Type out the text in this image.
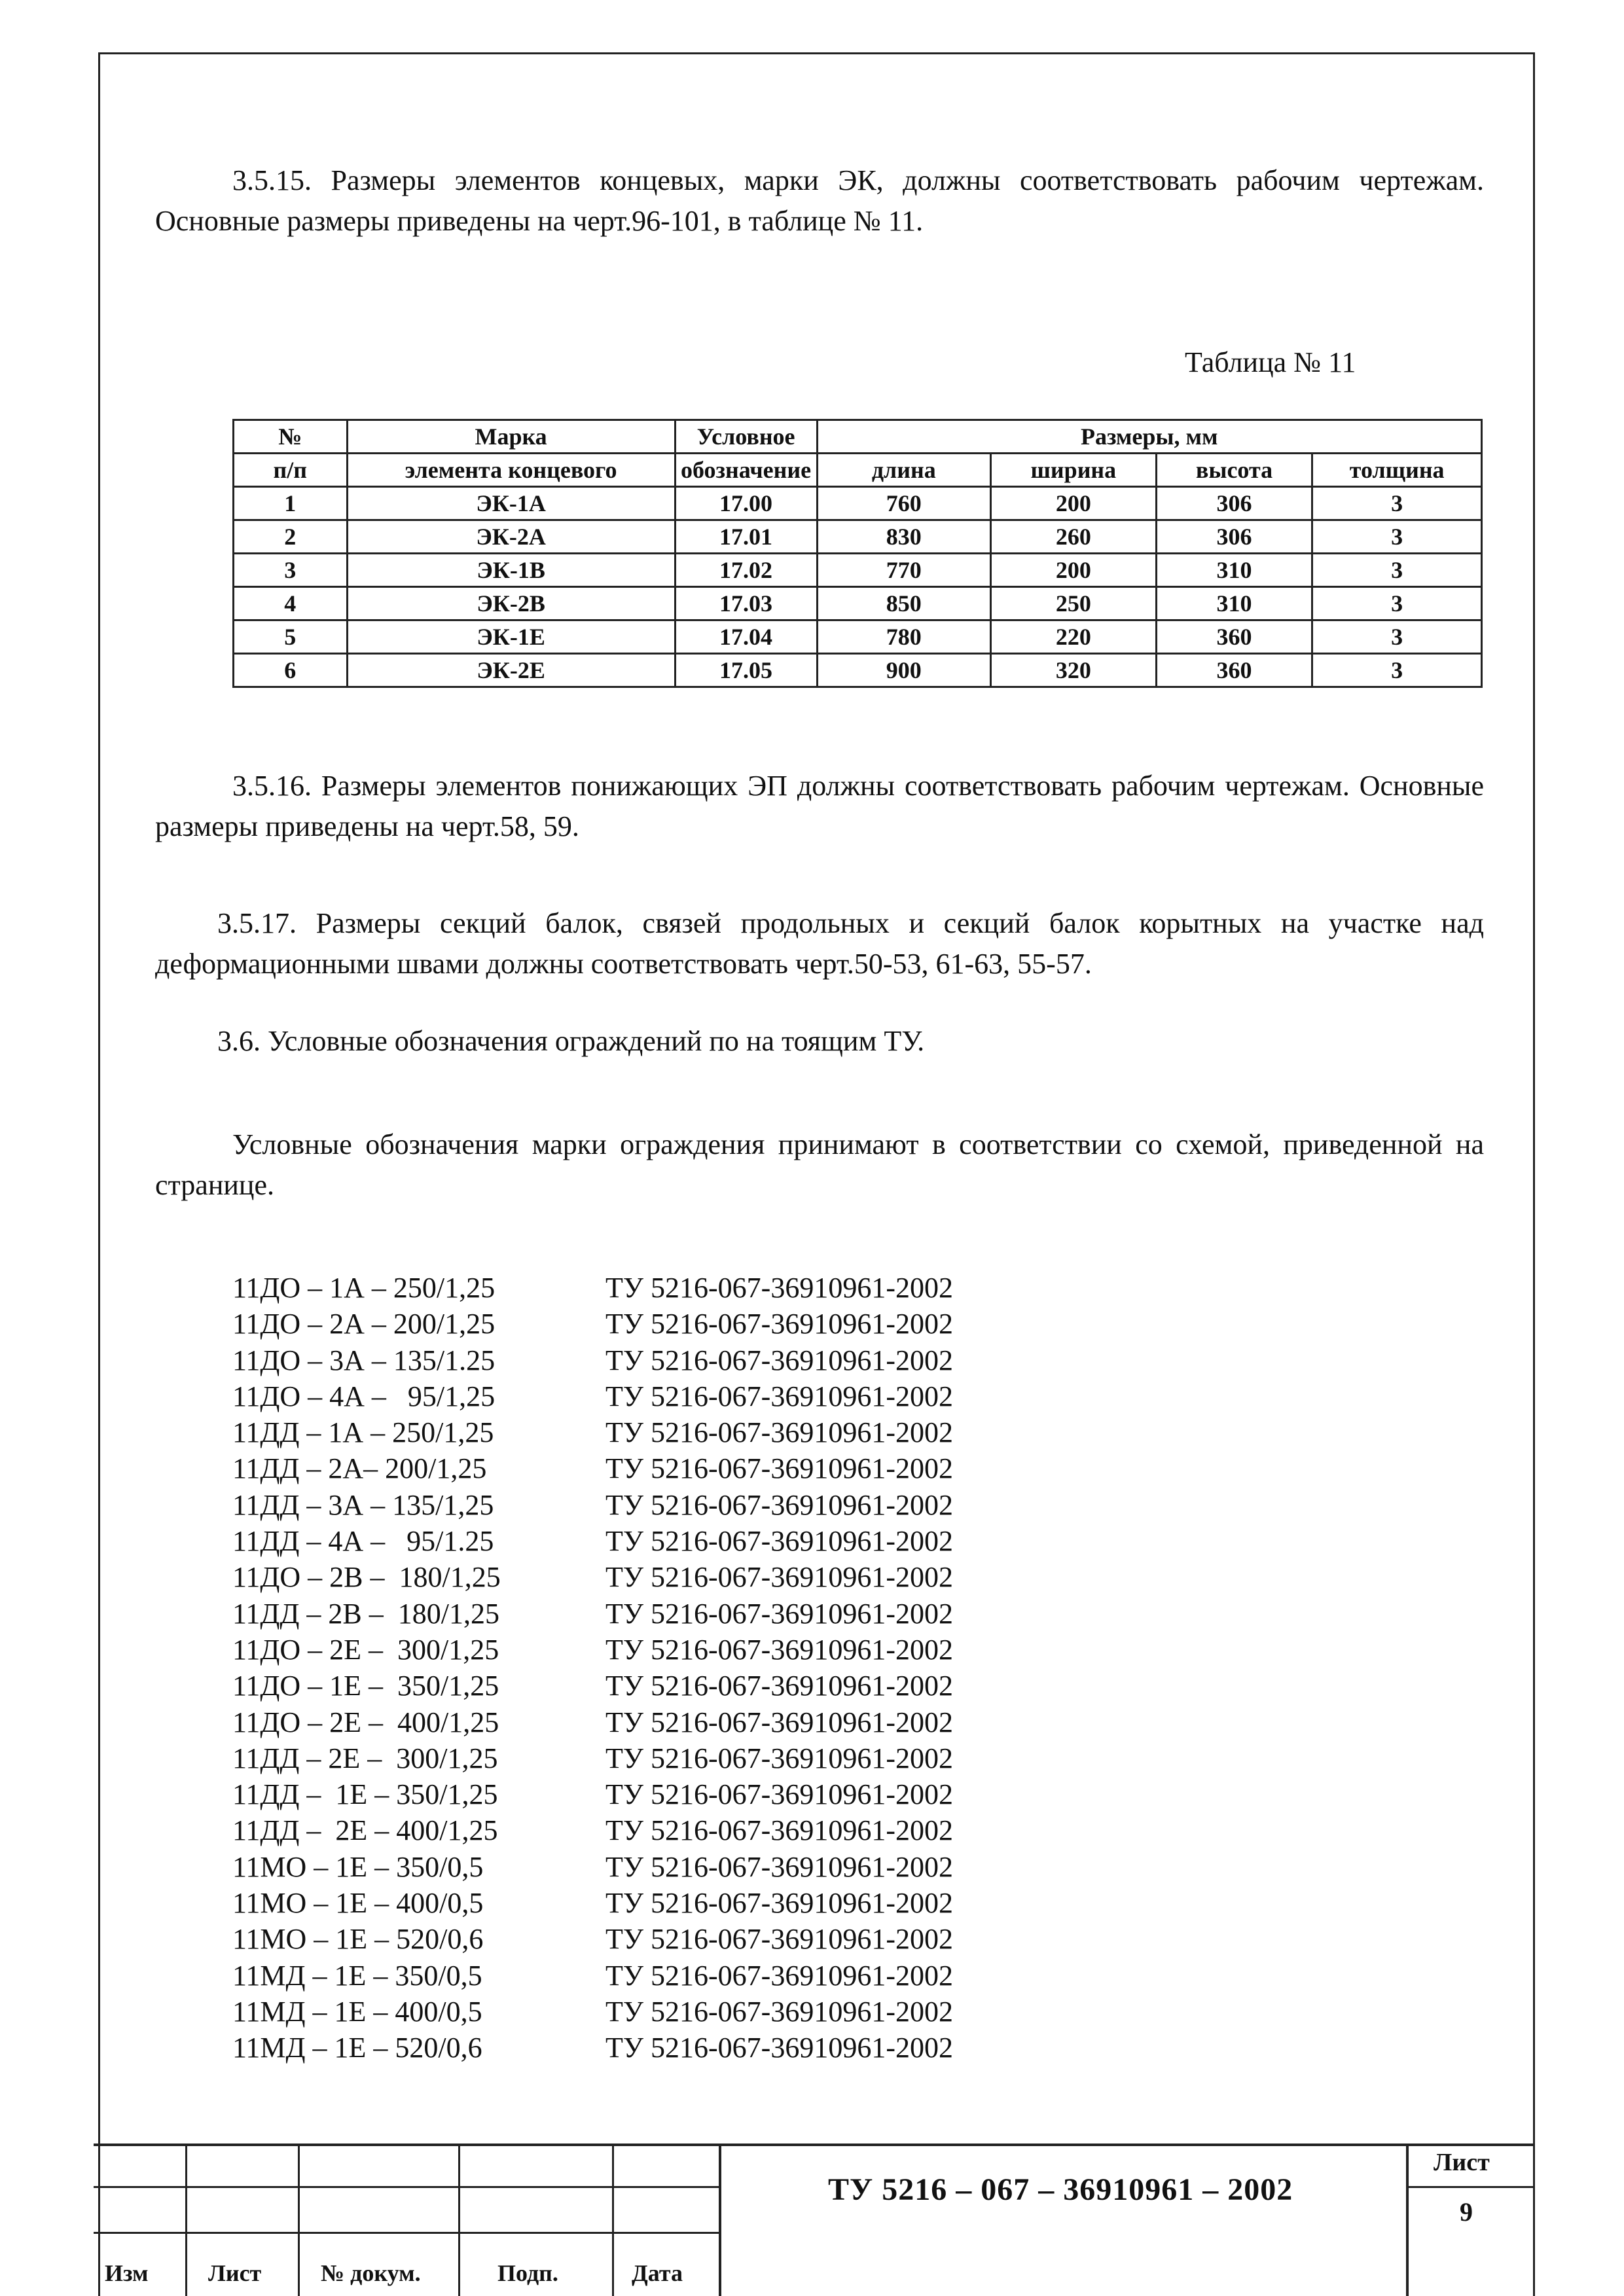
3.5.15. Размеры элементов концевых, марки ЭК, должны соответствовать рабочим чертежам. Основные размеры приведены на черт.96-101, в таблице № 11.
Таблица № 11
№	Марка	Условное	Размеры, мм			
п/п	элемента концевого	обозначение	длина	ширина	высота	толщина
1	ЭК-1А	17.00	760	200	306	3
2	ЭК-2А	17.01	830	260	306	3
3	ЭК-1В	17.02	770	200	310	3
4	ЭК-2В	17.03	850	250	310	3
5	ЭК-1Е	17.04	780	220	360	3
6	ЭК-2Е	17.05	900	320	360	3
3.5.16. Размеры элементов понижающих ЭП должны соответствовать рабочим чертежам. Основные размеры приведены на черт.58, 59.
3.5.17. Размеры секций балок, связей продольных и секций балок корытных на участке над деформационными швами должны соответствовать черт.50-53, 61-63, 55-57.
3.6. Условные обозначения ограждений по на тоящим ТУ.
Условные обозначения марки ограждения принимают в соответствии со схемой, приведенной на странице.
11ДО – 1А – 250/1,25	ТУ 5216-067-36910961-2002
11ДО – 2А – 200/1,25	ТУ 5216-067-36910961-2002
11ДО – 3А – 135/1.25	ТУ 5216-067-36910961-2002
11ДО – 4А –   95/1,25	ТУ 5216-067-36910961-2002
11ДД – 1А – 250/1,25	ТУ 5216-067-36910961-2002
11ДД – 2А– 200/1,25	ТУ 5216-067-36910961-2002
11ДД – 3А – 135/1,25	ТУ 5216-067-36910961-2002
11ДД – 4А –   95/1.25	ТУ 5216-067-36910961-2002
11ДО – 2В –  180/1,25	ТУ 5216-067-36910961-2002
11ДД – 2В –  180/1,25	ТУ 5216-067-36910961-2002
11ДО – 2Е –  300/1,25	ТУ 5216-067-36910961-2002
11ДО – 1Е –  350/1,25	ТУ 5216-067-36910961-2002
11ДО – 2Е –  400/1,25	ТУ 5216-067-36910961-2002
11ДД – 2Е –  300/1,25	ТУ 5216-067-36910961-2002
11ДД –  1Е – 350/1,25	ТУ 5216-067-36910961-2002
11ДД –  2Е – 400/1,25	ТУ 5216-067-36910961-2002
11МО – 1Е – 350/0,5	ТУ 5216-067-36910961-2002
11МО – 1Е – 400/0,5	ТУ 5216-067-36910961-2002
11МО – 1Е – 520/0,6	ТУ 5216-067-36910961-2002
11МД – 1Е – 350/0,5	ТУ 5216-067-36910961-2002
11МД – 1Е – 400/0,5	ТУ 5216-067-36910961-2002
11МД – 1Е – 520/0,6	ТУ 5216-067-36910961-2002
Изм	Лист	№ докум.	Подп.	Дата
ТУ 5216 – 067 – 36910961 – 2002
Лист
9
